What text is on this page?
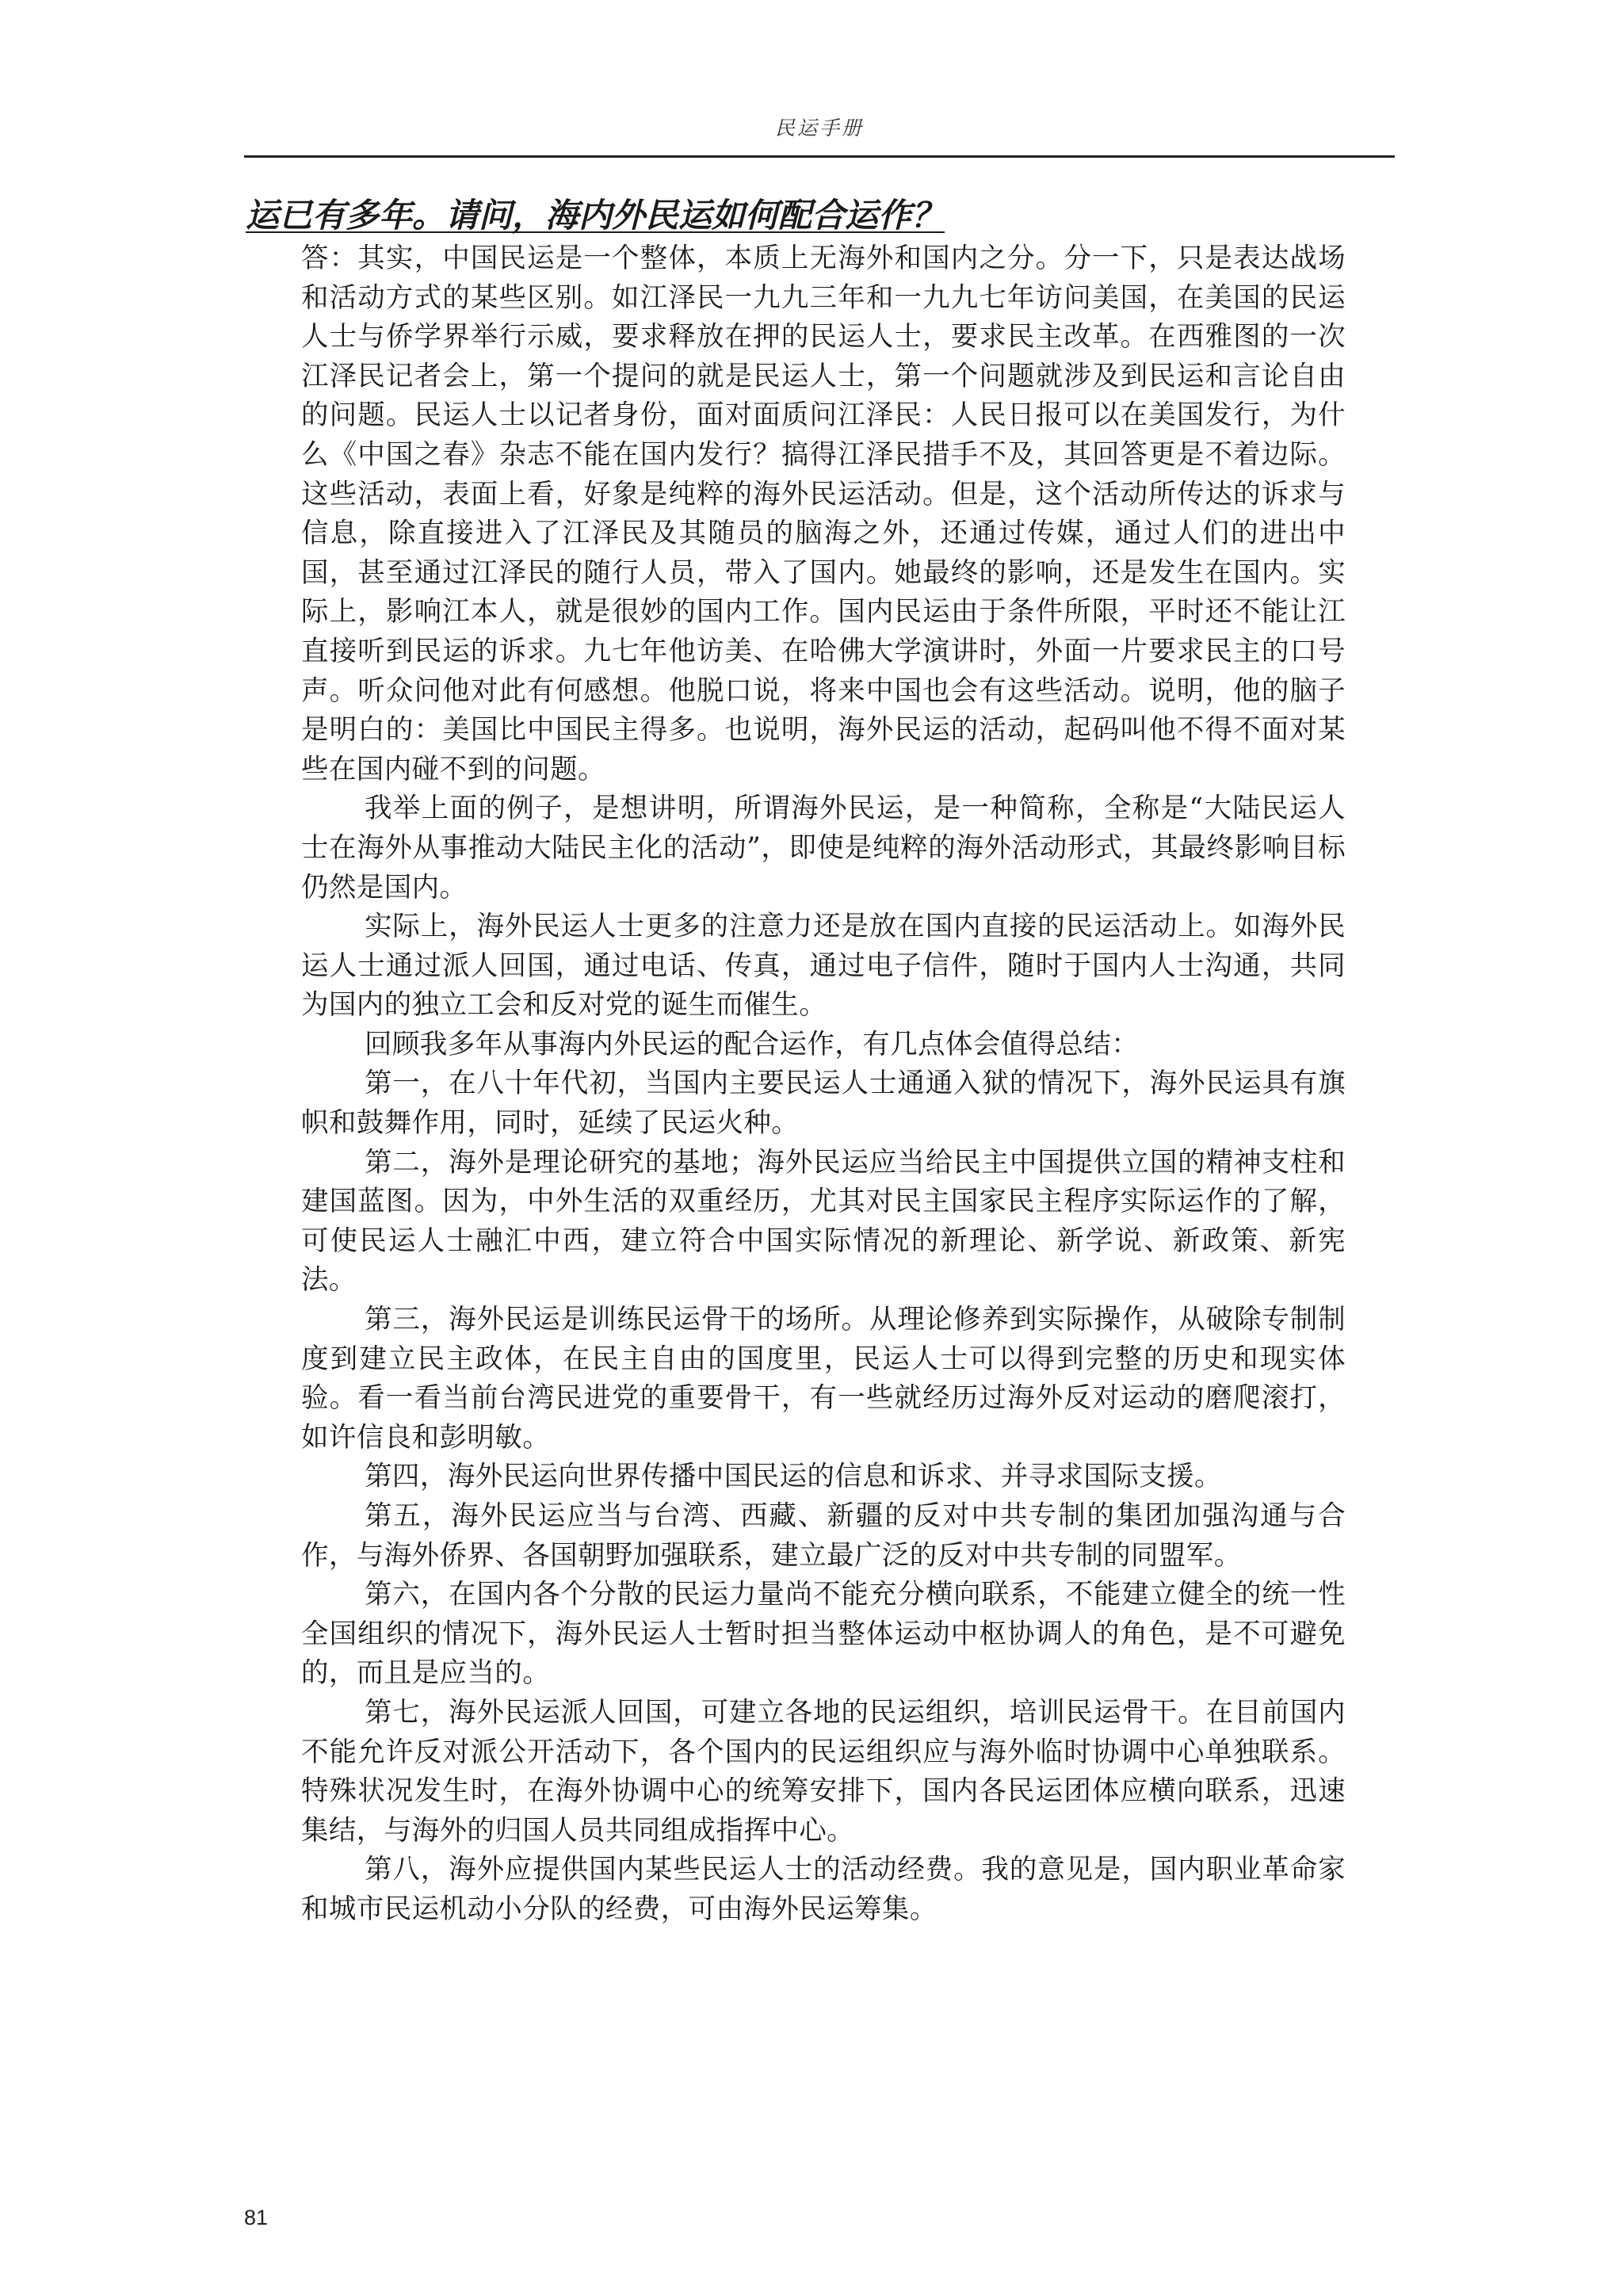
民运手册
运已有多年。请问，海内外民运如何配合运作？

答：其实，中国民运是一个整体，本质上无海外和国内之分。分一下，只是表达战场和活动方式的某些区别。如江泽民一九九三年和一九九七年访问美国，在美国的民运人士与侨学界举行示威，要求释放在押的民运人士，要求民主改革。在西雅图的一次江泽民记者会上，第一个提问的就是民运人士，第一个问题就涉及到民运和言论自由的问题。民运人士以记者身份，面对面质问江泽民：人民日报可以在美国发行，为什么《中国之春》杂志不能在国内发行？搞得江泽民措手不及，其回答更是不着边际。这些活动，表面上看，好象是纯粹的海外民运活动。但是，这个活动所传达的诉求与信息，除直接进入了江泽民及其随员的脑海之外，还通过传媒，通过人们的进出中国，甚至通过江泽民的随行人员，带入了国内。她最终的影响，还是发生在国内。实际上，影响江本人，就是很妙的国内工作。国内民运由于条件所限，平时还不能让江直接听到民运的诉求。九七年他访美、在哈佛大学演讲时，外面一片要求民主的口号声。听众问他对此有何感想。他脱口说，将来中国也会有这些活动。说明，他的脑子是明白的：美国比中国民主得多。也说明，海外民运的活动，起码叫他不得不面对某些在国内碰不到的问题。

我举上面的例子，是想讲明，所谓海外民运，是一种简称，全称是“大陆民运人士在海外从事推动大陆民主化的活动”，即使是纯粹的海外活动形式，其最终影响目标仍然是国内。

实际上，海外民运人士更多的注意力还是放在国内直接的民运活动上。如海外民运人士通过派人回国，通过电话、传真，通过电子信件，随时于国内人士沟通，共同为国内的独立工会和反对党的诞生而催生。

回顾我多年从事海内外民运的配合运作，有几点体会值得总结：

第一，在八十年代初，当国内主要民运人士通通入狱的情况下，海外民运具有旗帜和鼓舞作用，同时，延续了民运火种。

第二，海外是理论研究的基地；海外民运应当给民主中国提供立国的精神支柱和建国蓝图。因为，中外生活的双重经历，尤其对民主国家民主程序实际运作的了解，可使民运人士融汇中西，建立符合中国实际情况的新理论、新学说、新政策、新宪法。

第三，海外民运是训练民运骨干的场所。从理论修养到实际操作，从破除专制制度到建立民主政体，在民主自由的国度里，民运人士可以得到完整的历史和现实体验。看一看当前台湾民进党的重要骨干，有一些就经历过海外反对运动的磨爬滚打，如许信良和彭明敏。

第四，海外民运向世界传播中国民运的信息和诉求、并寻求国际支援。

第五，海外民运应当与台湾、西藏、新疆的反对中共专制的集团加强沟通与合作，与海外侨界、各国朝野加强联系，建立最广泛的反对中共专制的同盟军。

第六，在国内各个分散的民运力量尚不能充分横向联系，不能建立健全的统一性全国组织的情况下，海外民运人士暂时担当整体运动中枢协调人的角色，是不可避免的，而且是应当的。

第七，海外民运派人回国，可建立各地的民运组织，培训民运骨干。在目前国内不能允许反对派公开活动下，各个国内的民运组织应与海外临时协调中心单独联系。特殊状况发生时，在海外协调中心的统筹安排下，国内各民运团体应横向联系，迅速集结，与海外的归国人员共同组成指挥中心。

第八，海外应提供国内某些民运人士的活动经费。我的意见是，国内职业革命家和城市民运机动小分队的经费，可由海外民运筹集。

81
